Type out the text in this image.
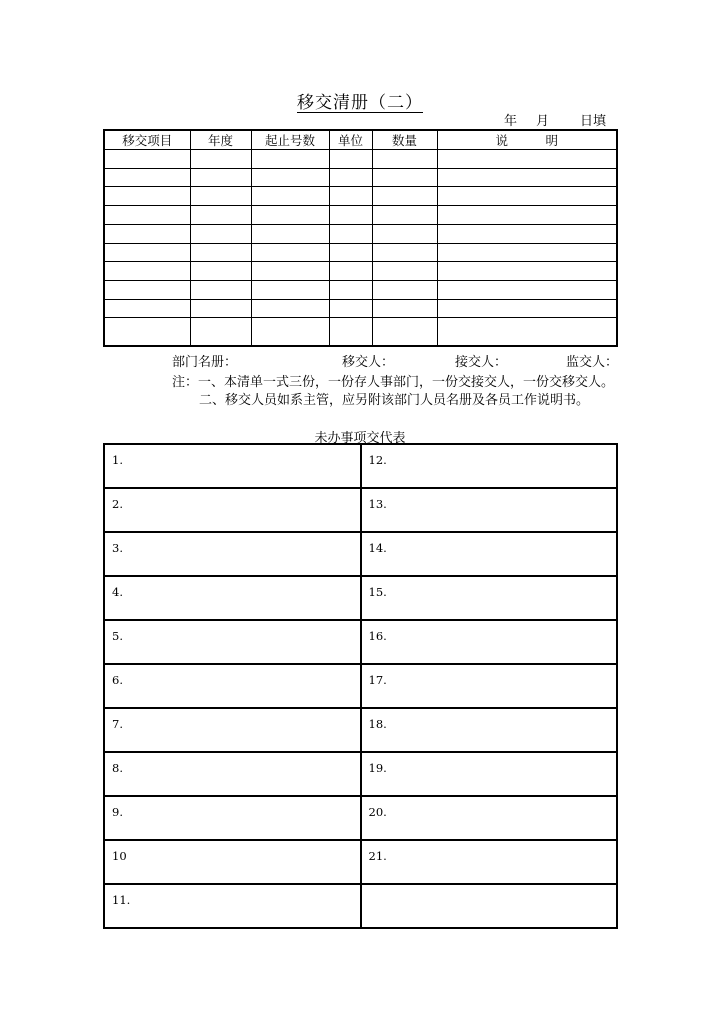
移交清册（二）
年 月 日填
移交项目	年度	起止号数	单位	数量	说　　　明

部门名册：	移交人：	接交人：	监交人：
注：一、本清单一式三份，一份存人事部门，一份交接交人，一份交移交人。
二、移交人员如系主管，应另附该部门人员名册及各员工作说明书。
未办事项交代表
1.	12.
2.	13.
3.	14.
4.	15.
5.	16.
6.	17.
7.	18.
8.	19.
9.	20.
10	21.
11.	
